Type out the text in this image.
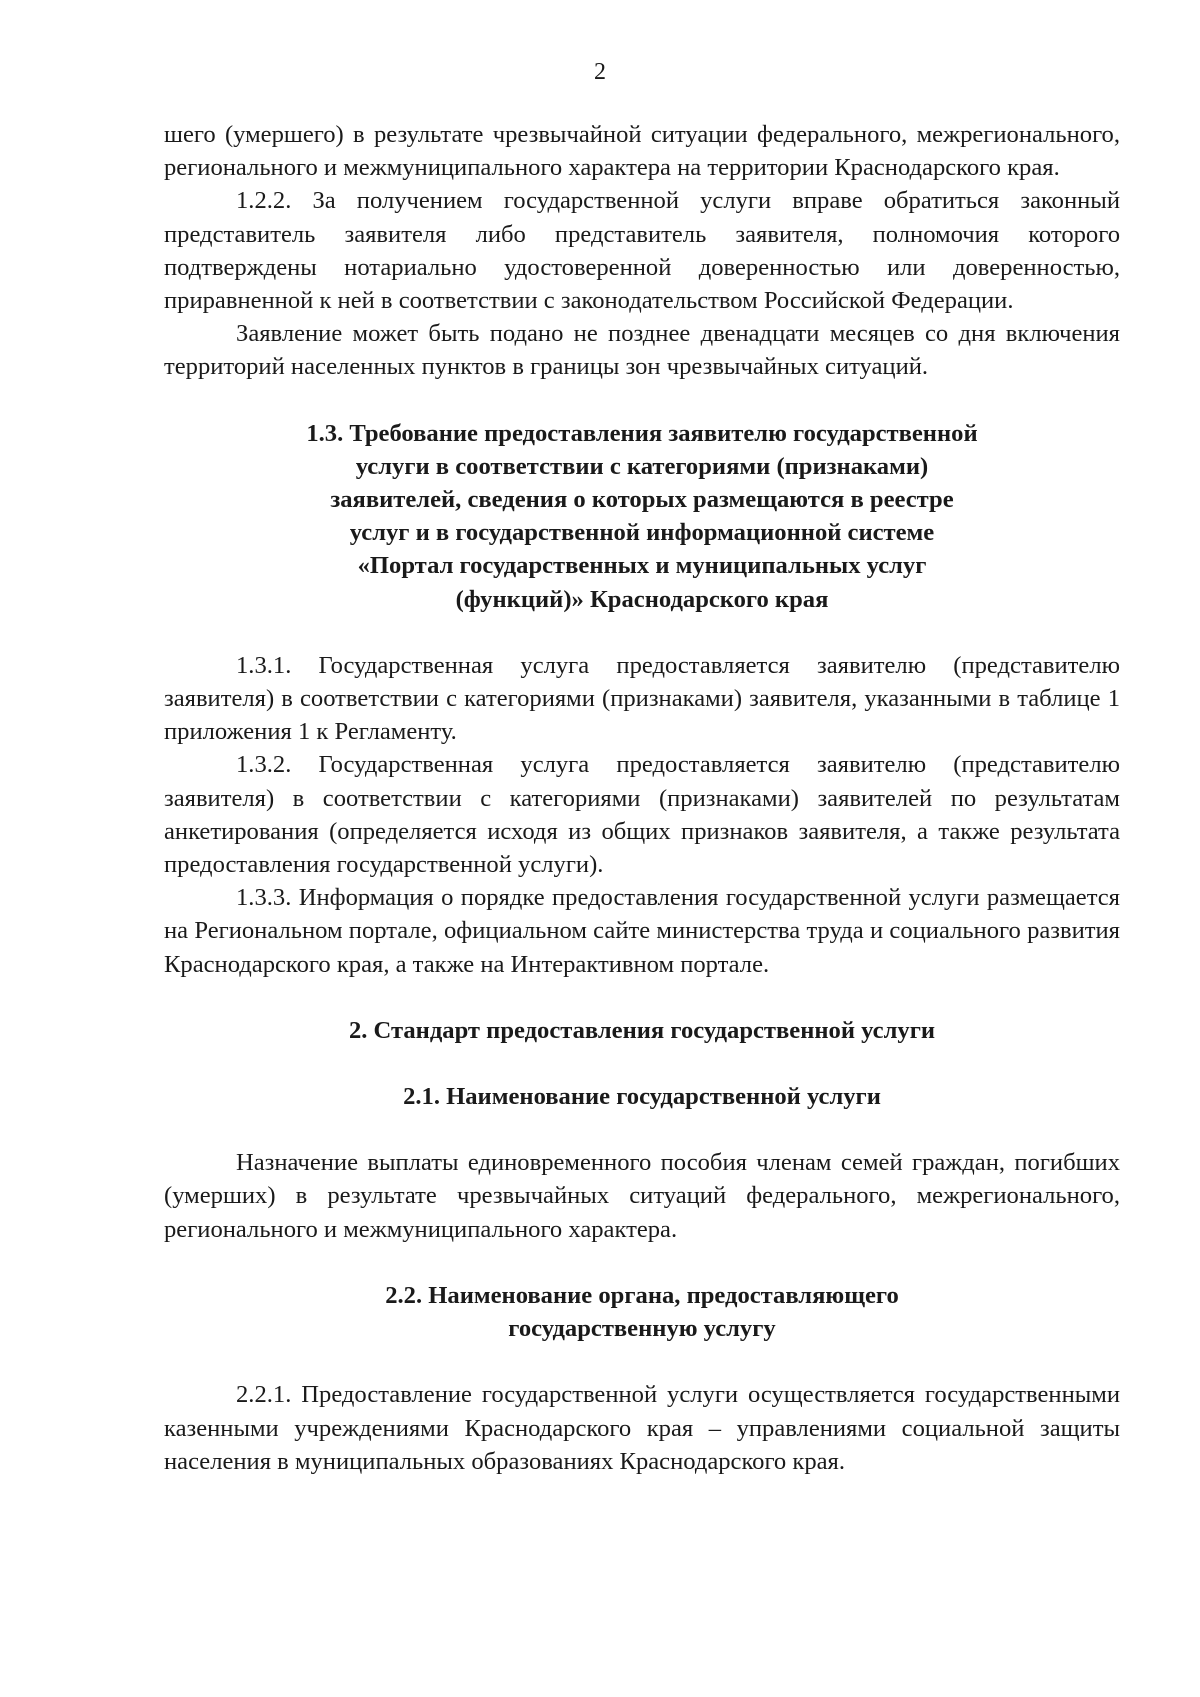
2

шего (умершего) в результате чрезвычайной ситуации федерального, межрегионального, регионального и межмуниципального характера на территории Краснодарского края.

1.2.2. За получением государственной услуги вправе обратиться законный представитель заявителя либо представитель заявителя, полномочия которого подтверждены нотариально удостоверенной доверенностью или доверенностью, приравненной к ней в соответствии с законодательством Российской Федерации.

Заявление может быть подано не позднее двенадцати месяцев со дня включения территорий населенных пунктов в границы зон чрезвычайных ситуаций.

1.3. Требование предоставления заявителю государственной
услуги в соответствии с категориями (признаками)
заявителей, сведения о которых размещаются в реестре
услуг и в государственной информационной системе
«Портал государственных и муниципальных услуг
(функций)» Краснодарского края

1.3.1. Государственная услуга предоставляется заявителю (представителю заявителя) в соответствии с категориями (признаками) заявителя, указанными в таблице 1 приложения 1 к Регламенту.

1.3.2. Государственная услуга предоставляется заявителю (представителю заявителя) в соответствии с категориями (признаками) заявителей по результатам анкетирования (определяется исходя из общих признаков заявителя, а также результата предоставления государственной услуги).

1.3.3. Информация о порядке предоставления государственной услуги размещается на Региональном портале, официальном сайте министерства труда и социального развития Краснодарского края, а также на Интерактивном портале.

2. Стандарт предоставления государственной услуги
2.1. Наименование государственной услуги

Назначение выплаты единовременного пособия членам семей граждан, погибших (умерших) в результате чрезвычайных ситуаций федерального, межрегионального, регионального и межмуниципального характера.

2.2. Наименование органа, предоставляющего
государственную услугу

2.2.1. Предоставление государственной услуги осуществляется государственными казенными учреждениями Краснодарского края – управлениями социальной защиты населения в муниципальных образованиях Краснодарского края.
